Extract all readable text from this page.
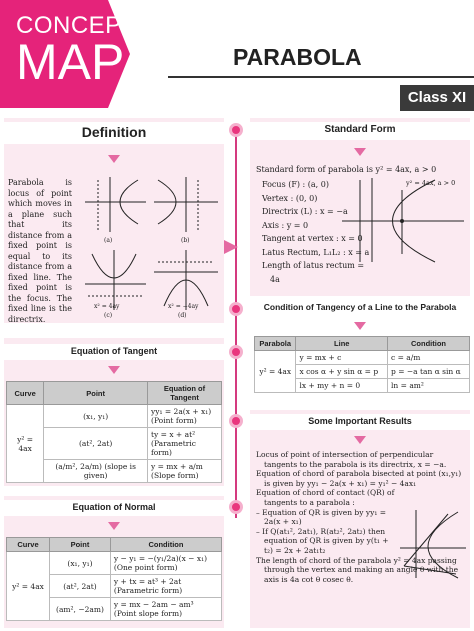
CONCEPT
MAP	PARABOLA
Class XI
Definition
Parabola is locus of point which moves in a plane such that its distance from a fixed point is equal to its distance from a fixed line. The fixed point is the focus. The fixed line is the directrix.
(a)	(b)
x² = 4ay
(c)
x² = −4ay
(d)
Standard Form
Standard form of parabola is y² = 4ax, a > 0
Focus (F) : (a, 0)
Vertex : (0, 0)
Directrix (L) : x = −a
Axis : y = 0
Tangent at vertex : x = 0
Latus Rectum, L₁L₂ : x = a
Length of latus rectum = 4a
y² = 4ax, a > 0
Condition of Tangency of a Line to the Parabola
Parabola	Line	Condition
y² = 4ax	y = mx + c	c = a/m
	x cos α + y sin α = p	p = −a tan α sin α
	lx + my + n = 0	ln = am²
Equation of Tangent
Curve	Point	Equation of Tangent
y² = 4ax	(x₁, y₁)	yy₁ = 2a(x + x₁)
(Point form)
	(at², 2at)	ty = x + at²
(Parametric form)
	(a/m², 2a/m) (slope is given)	y = mx + a/m
(Slope form)
Some Important Results
Locus of point of intersection of perpendicular tangents to the parabola is its directrix, x = −a.
Equation of chord of parabola bisected at point (x₁,y₁) is given by yy₁ − 2a(x + x₁) = y₁² − 4ax₁
Equation of chord of contact (QR) of tangents to a parabola :
– Equation of QR is given by yy₁ = 2a(x + x₁)
– If Q(at₁², 2at₁), R(at₂², 2at₂) then equation of QR is given by y(t₁ + t₂) = 2x + 2at₁t₂
The length of chord of the parabola y² = 4ax passing through the vertex and making an angle θ with the axis is 4a cot θ cosec θ.
Equation of Normal
Curve	Point	Condition
y² = 4ax	(x₁, y₁)	y − y₁ = −(y₁/2a)(x − x₁)
(One point form)
	(at², 2at)	y + tx = at³ + 2at
(Parametric form)
	(am², −2am)	y = mx − 2am − am³
(Point slope form)
